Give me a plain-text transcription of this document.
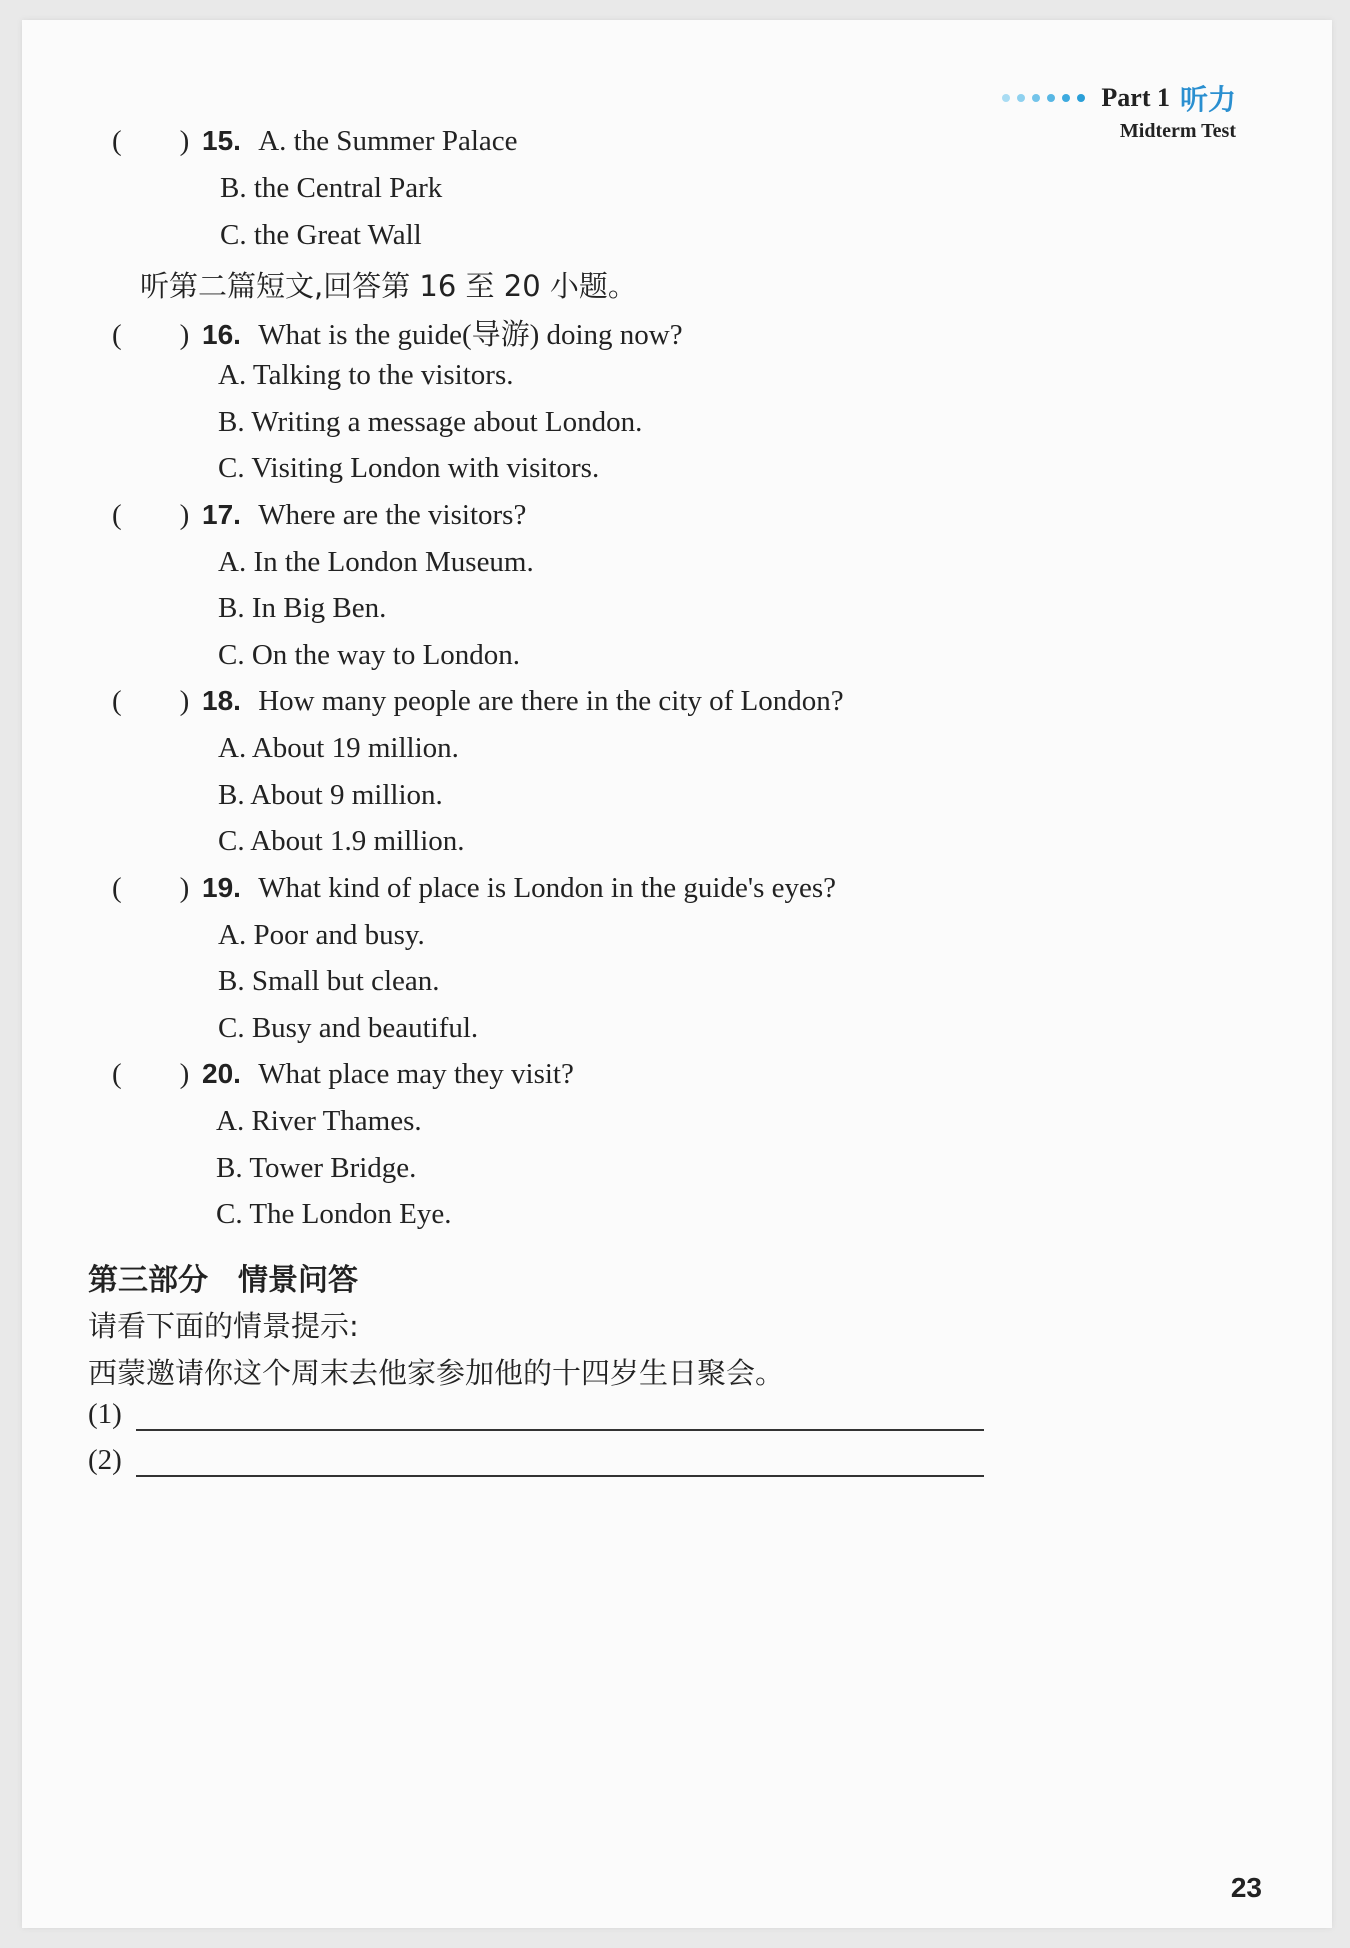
Part 1 听力
Midterm Test
( ) 15. A. the Summer Palace
B. the Central Park
C. the Great Wall
听第二篇短文,回答第 16 至 20 小题。
( ) 16. What is the guide(导游) doing now?
A. Talking to the visitors.
B. Writing a message about London.
C. Visiting London with visitors.
( ) 17. Where are the visitors?
A. In the London Museum.
B. In Big Ben.
C. On the way to London.
( ) 18. How many people are there in the city of London?
A. About 19 million.
B. About 9 million.
C. About 1.9 million.
( ) 19. What kind of place is London in the guide's eyes?
A. Poor and busy.
B. Small but clean.
C. Busy and beautiful.
( ) 20. What place may they visit?
A. River Thames.
B. Tower Bridge.
C. The London Eye.
第三部分　情景问答
请看下面的情景提示:
西蒙邀请你这个周末去他家参加他的十四岁生日聚会。
(1)
(2)
23
